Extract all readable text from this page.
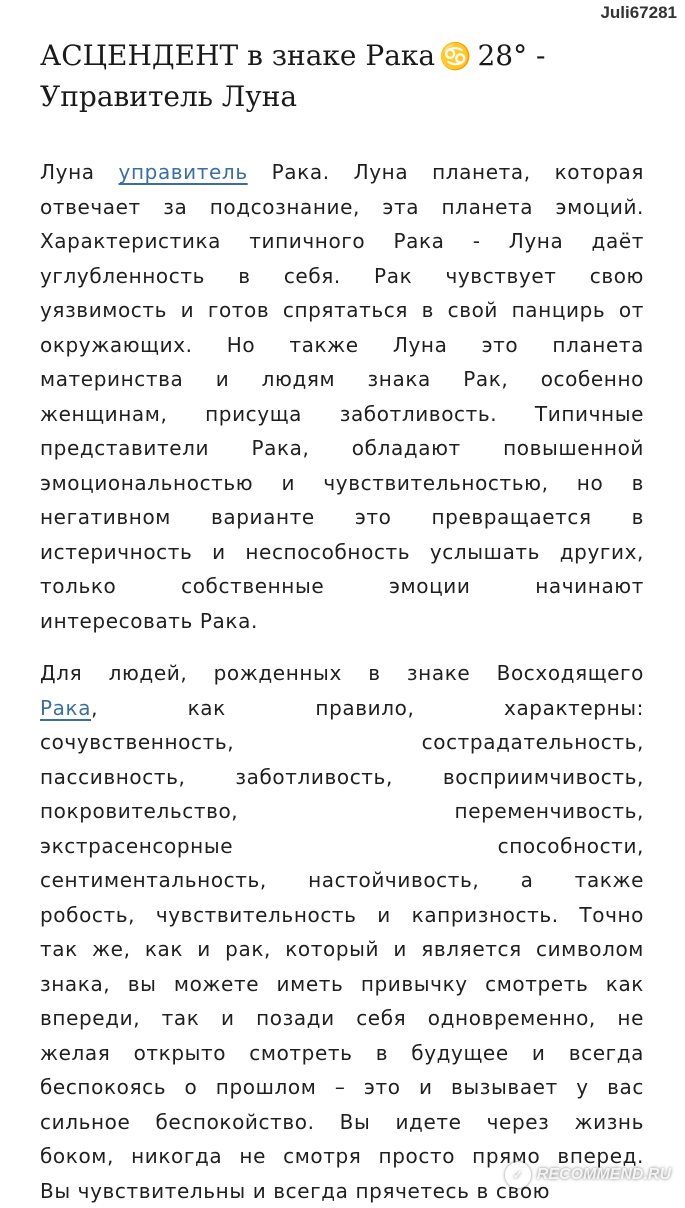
Juli67281
АСЦЕНДЕНТ в знаке Рака ♋ 28° -
Управитель Луна
Луна управитель Рака. Луна планета, которая
отвечает за подсознание, эта планета эмоций.
Характеристика типичного Рака - Луна даёт
углубленность в себя. Рак чувствует свою
уязвимость и готов спрятаться в свой панцирь от
окружающих. Но также Луна это планета
материнства и людям знака Рак, особенно
женщинам, присуща заботливость. Типичные
представители Рака, обладают повышенной
эмоциональностью и чувствительностью, но в
негативном варианте это превращается в
истеричность и неспособность услышать других,
только собственные эмоции начинают
интересовать Рака.
Для людей, рожденных в знаке Восходящего
Рака, как правило, характерны:
сочувственность, сострадательность,
пассивность, заботливость, восприимчивость,
покровительство, переменчивость,
экстрасенсорные способности,
сентиментальность, настойчивость, а также
робость, чувствительность и капризность. Точно
так же, как и рак, который и является символом
знака, вы можете иметь привычку смотреть как
впереди, так и позади себя одновременно, не
желая открыто смотреть в будущее и всегда
беспокоясь о прошлом – это и вызывает у вас
сильное беспокойство. Вы идете через жизнь
боком, никогда не смотря просто прямо вперед.
Вы чувствительны и всегда прячетесь в свою
✓ RECOMMEND.RU
